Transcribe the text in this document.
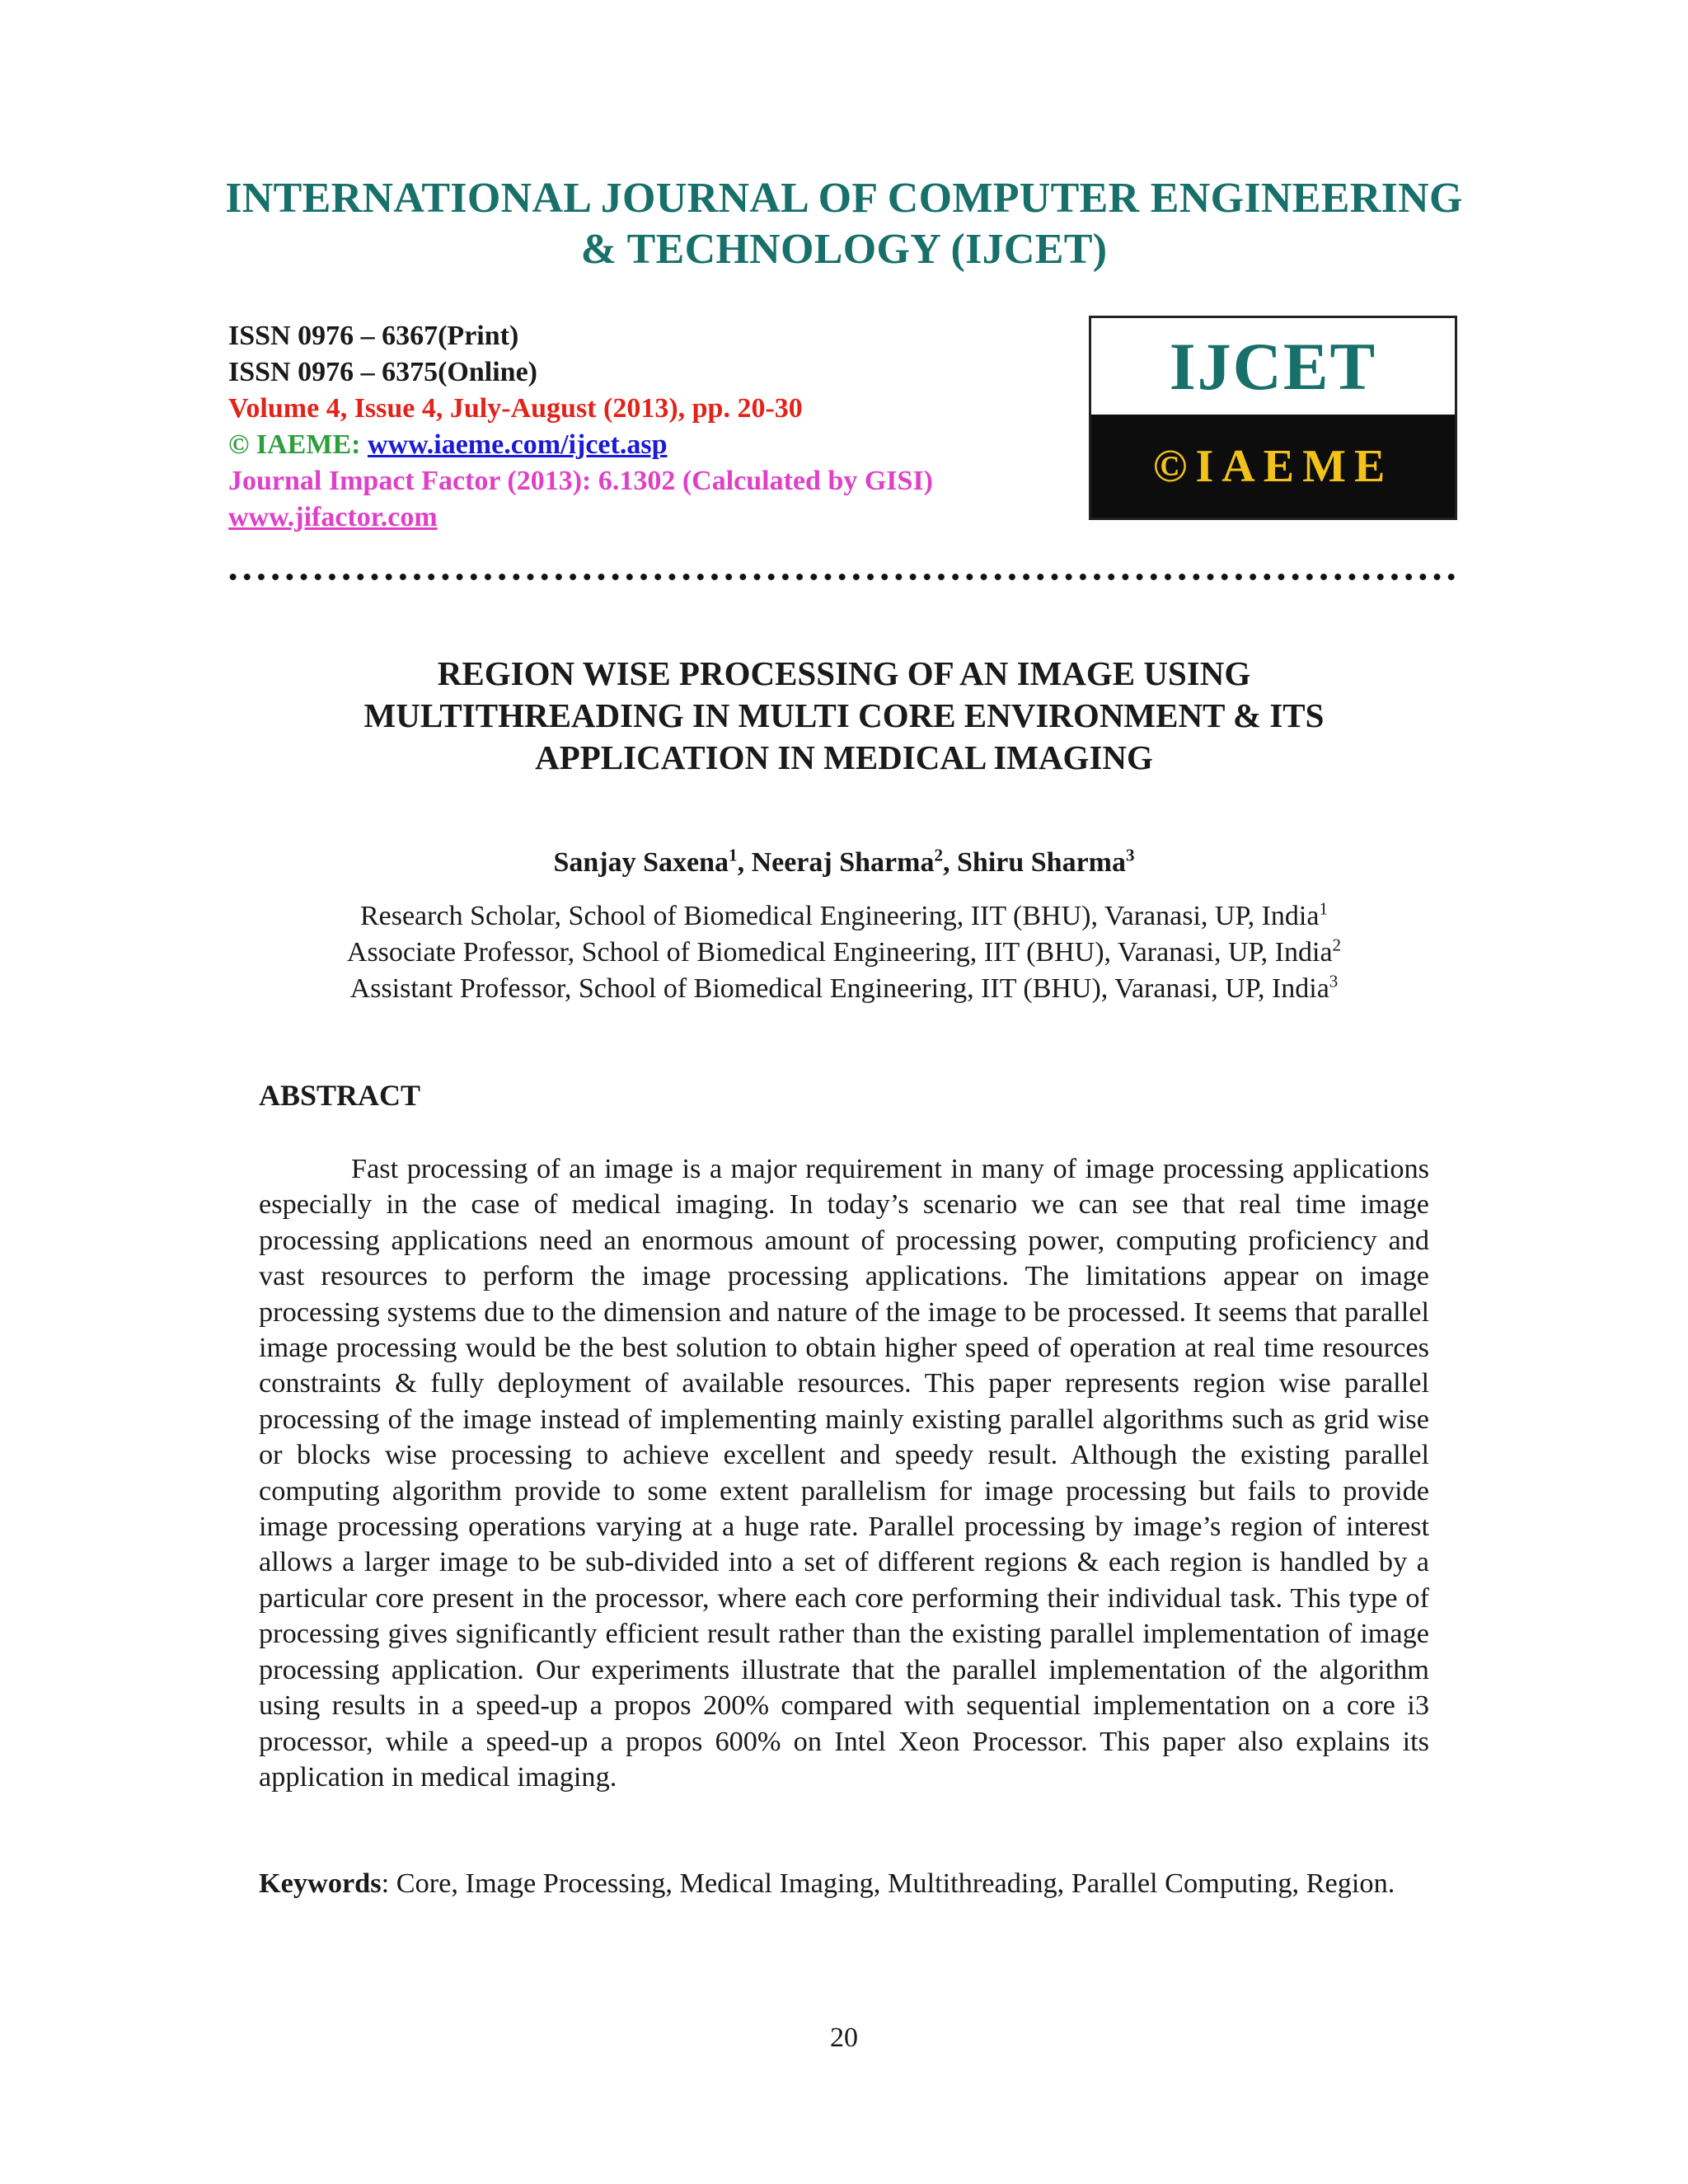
INTERNATIONAL JOURNAL OF COMPUTER ENGINEERING
& TECHNOLOGY (IJCET)
ISSN 0976 – 6367(Print)
ISSN 0976 – 6375(Online)
Volume 4, Issue 4, July-August (2013), pp. 20-30
© IAEME: www.iaeme.com/ijcet.asp
Journal Impact Factor (2013): 6.1302 (Calculated by GISI)
www.jifactor.com
IJCET
©IAEME
REGION WISE PROCESSING OF AN IMAGE USING
MULTITHREADING IN MULTI CORE ENVIRONMENT & ITS
APPLICATION IN MEDICAL IMAGING
Sanjay Saxena$^1$, Neeraj Sharma$^2$, Shiru Sharma$^3$
Research Scholar, School of Biomedical Engineering, IIT (BHU), Varanasi, UP, India$^1$
Associate Professor, School of Biomedical Engineering, IIT (BHU), Varanasi, UP, India$^2$
Assistant Professor, School of Biomedical Engineering, IIT (BHU), Varanasi, UP, India$^3$
ABSTRACT
Fast processing of an image is a major requirement in many of image processing applications especially in the case of medical imaging. In today’s scenario we can see that real time image processing applications need an enormous amount of processing power, computing proficiency and vast resources to perform the image processing applications. The limitations appear on image processing systems due to the dimension and nature of the image to be processed. It seems that parallel image processing would be the best solution to obtain higher speed of operation at real time resources constraints & fully deployment of available resources. This paper represents region wise parallel processing of the image instead of implementing mainly existing parallel algorithms such as grid wise or blocks wise processing to achieve excellent and speedy result. Although the existing parallel computing algorithm provide to some extent parallelism for image processing but fails to provide image processing operations varying at a huge rate. Parallel processing by image’s region of interest allows a larger image to be sub-divided into a set of different regions & each region is handled by a particular core present in the processor, where each core performing their individual task. This type of processing gives significantly efficient result rather than the existing parallel implementation of image processing application. Our experiments illustrate that the parallel implementation of the algorithm using results in a speed-up a propos 200% compared with sequential implementation on a core i3 processor, while a speed-up a propos 600% on Intel Xeon Processor. This paper also explains its application in medical imaging.
Keywords: Core, Image Processing, Medical Imaging, Multithreading, Parallel Computing, Region.
20
